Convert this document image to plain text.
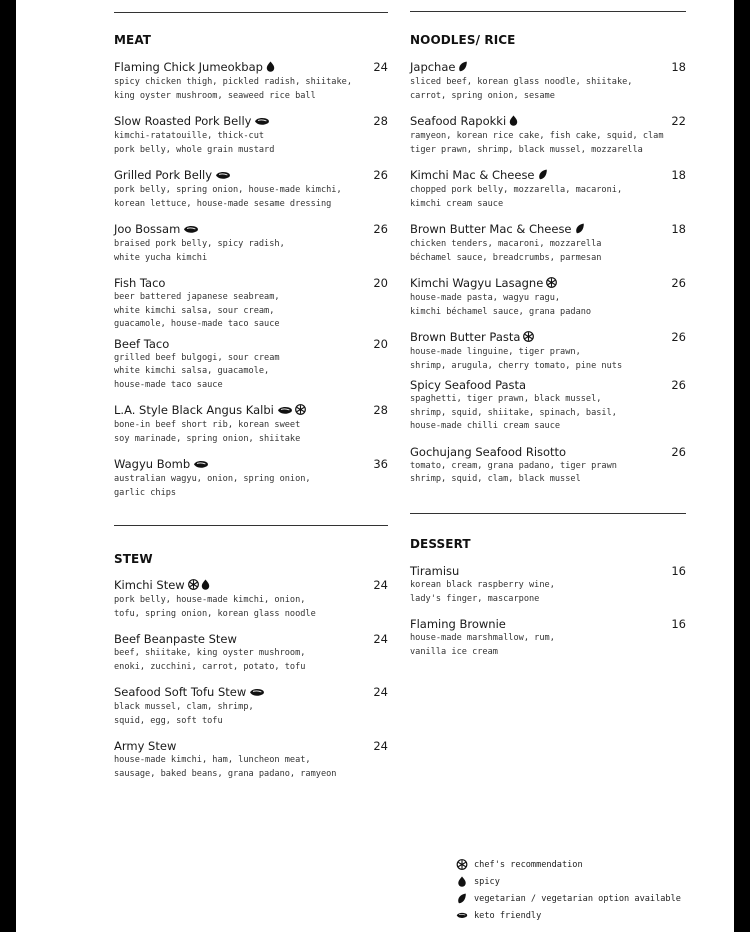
MEAT
Flaming Chick Jumeokbap	24
spicy chicken thigh, pickled radish, shiitake,
king oyster mushroom, seaweed rice ball
Slow Roasted Pork Belly	28
kimchi-ratatouille, thick-cut
pork belly, whole grain mustard
Grilled Pork Belly	26
pork belly, spring onion, house-made kimchi,
korean lettuce, house-made sesame dressing
Joo Bossam	26
braised pork belly, spicy radish,
white yucha kimchi
Fish Taco	20
beer battered japanese seabream,
white kimchi salsa, sour cream,
guacamole, house-made taco sauce
Beef Taco	20
grilled beef bulgogi, sour cream
white kimchi salsa, guacamole,
house-made taco sauce
L.A. Style Black Angus Kalbi	28
bone-in beef short rib, korean sweet
soy marinade, spring onion, shiitake
Wagyu Bomb	36
australian wagyu, onion, spring onion,
garlic chips
NOODLES/ RICE
Japchae	18
sliced beef, korean glass noodle, shiitake,
carrot, spring onion, sesame
Seafood Rapokki	22
ramyeon, korean rice cake, fish cake, squid, clam
tiger prawn, shrimp, black mussel, mozzarella
Kimchi Mac & Cheese	18
chopped pork belly, mozzarella, macaroni,
kimchi cream sauce
Brown Butter Mac & Cheese	18
chicken tenders, macaroni, mozzarella
béchamel sauce, breadcrumbs, parmesan
Kimchi Wagyu Lasagne	26
house-made pasta, wagyu ragu,
kimchi béchamel sauce, grana padano
Brown Butter Pasta	26
house-made linguine, tiger prawn,
shrimp, arugula, cherry tomato, pine nuts
Spicy Seafood Pasta	26
spaghetti, tiger prawn, black mussel,
shrimp, squid, shiitake, spinach, basil,
house-made chilli cream sauce
Gochujang Seafood Risotto	26
tomato, cream, grana padano, tiger prawn
shrimp, squid, clam, black mussel
STEW
Kimchi Stew	24
pork belly, house-made kimchi, onion,
tofu, spring onion, korean glass noodle
Beef Beanpaste Stew	24
beef, shiitake, king oyster mushroom,
enoki, zucchini, carrot, potato, tofu
Seafood Soft Tofu Stew	24
black mussel, clam, shrimp,
squid, egg, soft tofu
Army Stew	24
house-made kimchi, ham, luncheon meat,
sausage, baked beans, grana padano, ramyeon
DESSERT
Tiramisu	16
korean black raspberry wine,
lady's finger, mascarpone
Flaming Brownie	16
house-made marshmallow, rum,
vanilla ice cream
chef's recommendation
spicy
vegetarian / vegetarian option available
keto friendly
